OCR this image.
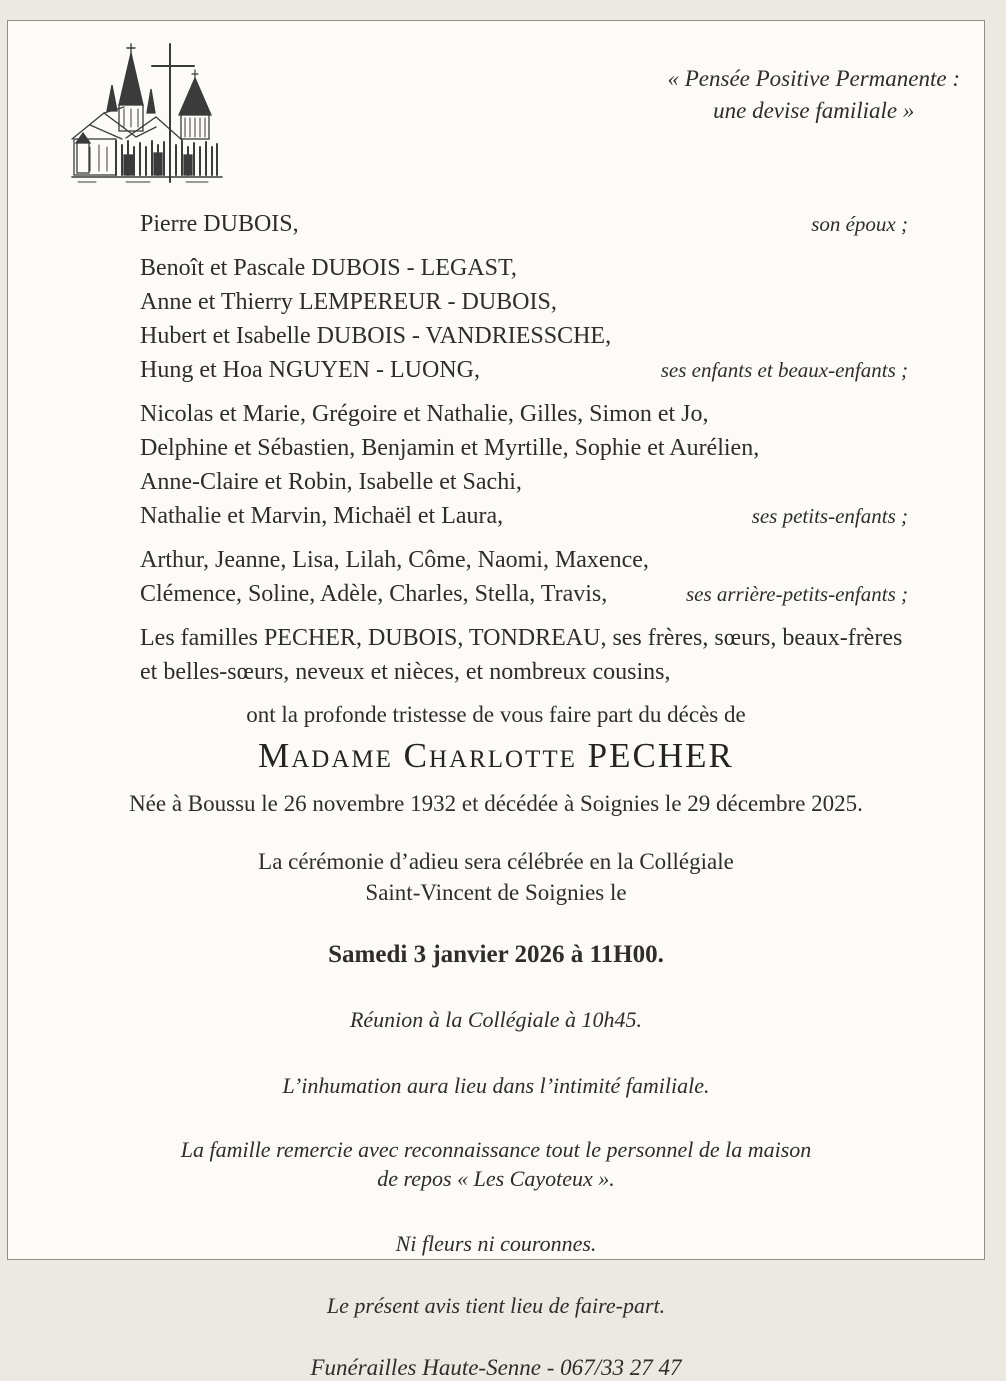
« Pensée Positive Permanente :
une devise familiale »
Pierre DUBOIS,	son époux ;
Benoît et Pascale DUBOIS - LEGAST,
Anne et Thierry LEMPEREUR - DUBOIS,
Hubert et Isabelle DUBOIS - VANDRIESSCHE,
Hung et Hoa NGUYEN - LUONG,	ses enfants et beaux-enfants ;
Nicolas et Marie, Grégoire et Nathalie, Gilles, Simon et Jo,
Delphine et Sébastien, Benjamin et Myrtille, Sophie et Aurélien,
Anne-Claire et Robin, Isabelle et Sachi,
Nathalie et Marvin, Michaël et Laura,	ses petits-enfants ;
Arthur, Jeanne, Lisa, Lilah, Côme, Naomi, Maxence,
Clémence, Soline, Adèle, Charles, Stella, Travis,	ses arrière-petits-enfants ;
Les familles PECHER, DUBOIS, TONDREAU, ses frères, sœurs, beaux-frères
et belles-sœurs, neveux et nièces, et nombreux cousins,
ont la profonde tristesse de vous faire part du décès de
Madame Charlotte PECHER
Née à Boussu le 26 novembre 1932 et décédée à Soignies le 29 décembre 2025.
La cérémonie d’adieu sera célébrée en la Collégiale
Saint-Vincent de Soignies le
Samedi 3 janvier 2026 à 11H00.
Réunion à la Collégiale à 10h45.
L’inhumation aura lieu dans l’intimité familiale.
La famille remercie avec reconnaissance tout le personnel de la maison
de repos « Les Cayoteux ».
Ni fleurs ni couronnes.
Le présent avis tient lieu de faire-part.
Funérailles Haute-Senne - 067/33 27 47
